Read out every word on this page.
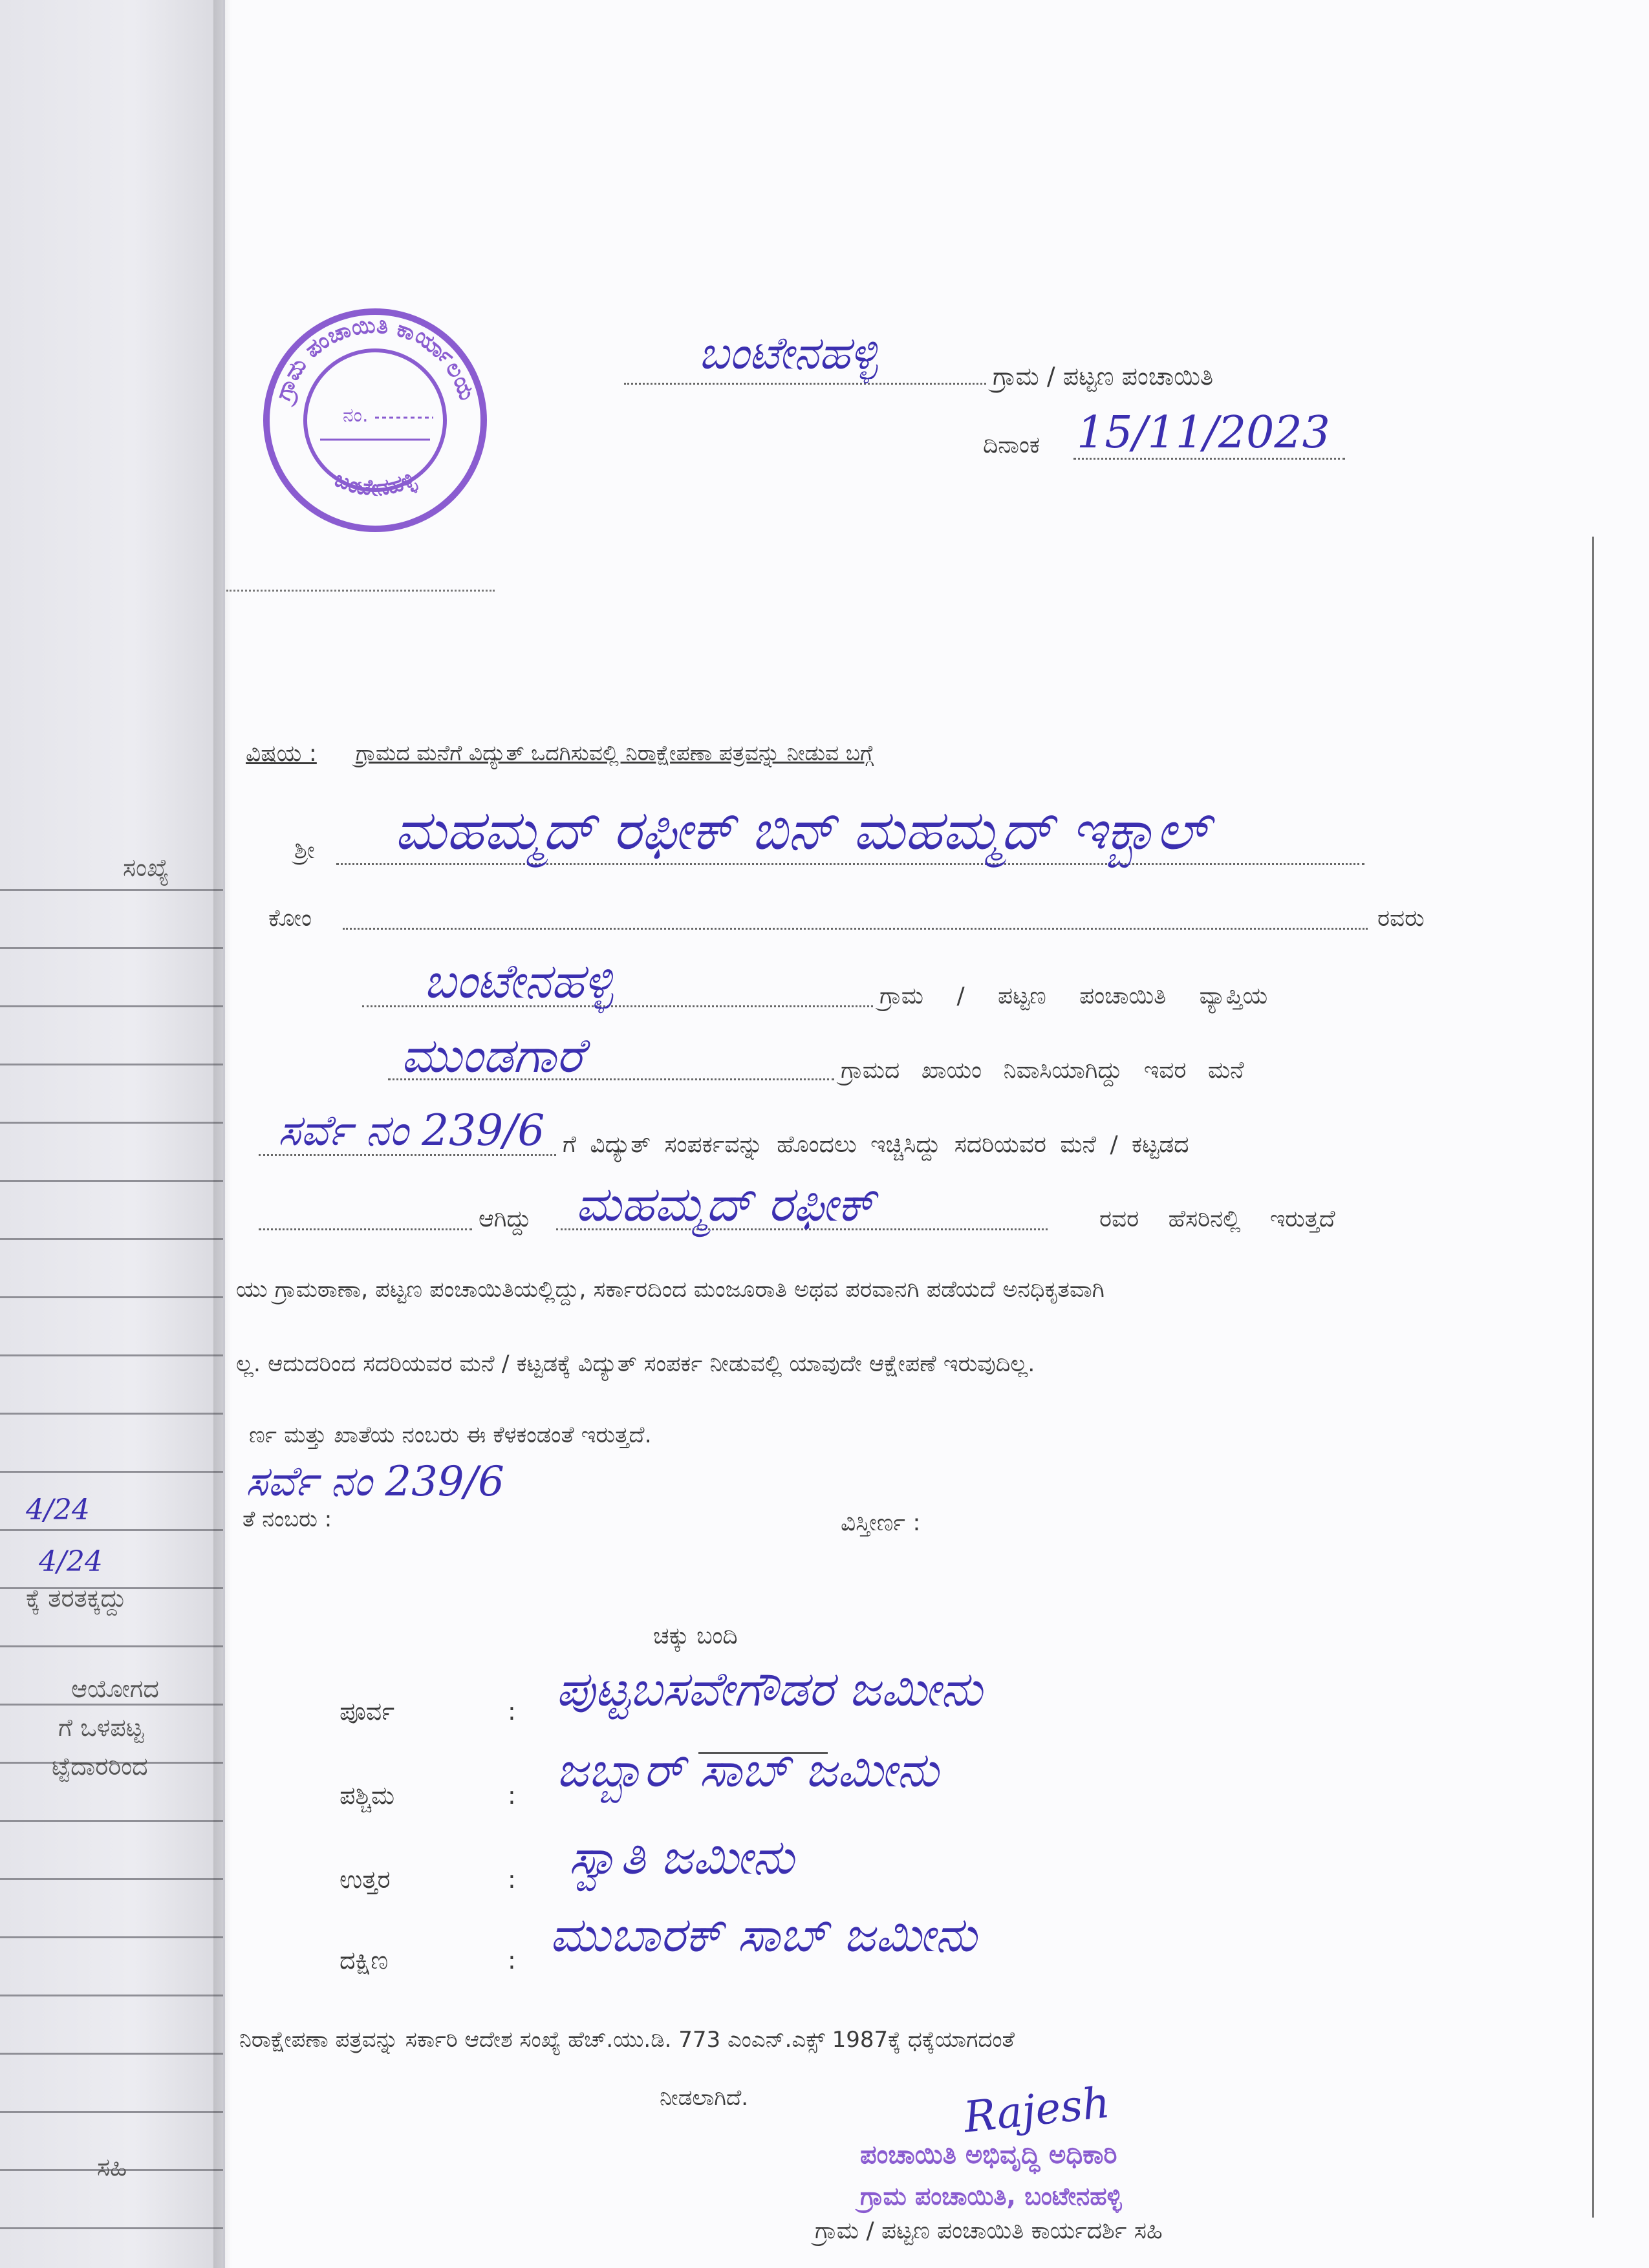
ಸಂಖ್ಯೆ
4/24
4/24
ಕ್ಕೆ ತರತಕ್ಕದ್ದು
ಆಯೋಗದ
ಗೆ ಒಳಪಟ್ಟ
ಟ್ಟೆದಾರರಿಂದ
ಸಹಿ
ಗ್ರಾಮ ಪಂಚಾಯಿತಿ ಕಾರ್ಯಾಲಯ
ಬಂಟೇನಹಳ್ಳಿ
ನಂ.
ಬಂಟೇನಹಳ್ಳಿ	ಗ್ರಾಮ / ಪಟ್ಟಣ ಪಂಚಾಯಿತಿ
ದಿನಾಂಕ 15/11/2023
ವಿಷಯ : ಗ್ರಾಮದ ಮನೆಗೆ ವಿದ್ಯುತ್ ಒದಗಿಸುವಲ್ಲಿ ನಿರಾಕ್ಷೇಪಣಾ ಪತ್ರವನ್ನು ನೀಡುವ ಬಗ್ಗೆ
ಶ್ರೀ ಮಹಮ್ಮದ್ ರಫೀಕ್ ಬಿನ್ ಮಹಮ್ಮದ್ ಇಕ್ಬಾಲ್
ಕೋಂ	ರವರು
ಬಂಟೇನಹಳ್ಳಿ	ಗ್ರಾಮ / ಪಟ್ಟಣ ಪಂಚಾಯಿತಿ ವ್ಯಾಪ್ತಿಯ
ಮುಂಡಗಾರೆ	ಗ್ರಾಮದ ಖಾಯಂ ನಿವಾಸಿಯಾಗಿದ್ದು ಇವರ ಮನೆ
ಸರ್ವೆ ನಂ 239/6 ಗೆ ವಿದ್ಯುತ್ ಸಂಪರ್ಕವನ್ನು ಹೊಂದಲು ಇಚ್ಚಿಸಿದ್ದು ಸದರಿಯವರ ಮನೆ / ಕಟ್ಟಡದ
ಆಗಿದ್ದು ಮಹಮ್ಮದ್ ರಫೀಕ್	ರವರ ಹೆಸರಿನಲ್ಲಿ ಇರುತ್ತದೆ
ಯು ಗ್ರಾಮಠಾಣಾ, ಪಟ್ಟಣ ಪಂಚಾಯಿತಿಯಲ್ಲಿದ್ದು, ಸರ್ಕಾರದಿಂದ ಮಂಜೂರಾತಿ ಅಥವ ಪರವಾನಗಿ ಪಡೆಯದೆ ಅನಧಿಕೃತವಾಗಿ
ಲ್ಲ. ಆದುದರಿಂದ ಸದರಿಯವರ ಮನೆ / ಕಟ್ಟಡಕ್ಕೆ ವಿದ್ಯುತ್ ಸಂಪರ್ಕ ನೀಡುವಲ್ಲಿ ಯಾವುದೇ ಆಕ್ಷೇಪಣೆ ಇರುವುದಿಲ್ಲ.
ರ್ಣ ಮತ್ತು ಖಾತೆಯ ನಂಬರು ಈ ಕೆಳಕಂಡಂತೆ ಇರುತ್ತದೆ.
ಸರ್ವೆ ನಂ 239/6
ತೆ ನಂಬರು :	ವಿಸ್ತೀರ್ಣ :
ಚಕ್ಕು ಬಂದಿ
ಪೂರ್ವ	: ಪುಟ್ಟಬಸವೇಗೌಡರ ಜಮೀನು
ಪಶ್ಚಿಮ	: ಜಬ್ಬಾರ್ ಸಾಬ್ ಜಮೀನು
ಉತ್ತರ	: ಸ್ವಾತಿ ಜಮೀನು
ದಕ್ಷಿಣ	: ಮುಬಾರಕ್ ಸಾಬ್ ಜಮೀನು
ನಿರಾಕ್ಷೇಪಣಾ ಪತ್ರವನ್ನು ಸರ್ಕಾರಿ ಆದೇಶ ಸಂಖ್ಯೆ ಹೆಚ್.ಯು.ಡಿ. 773 ಎಂಎನ್.ಎಕ್ಸ್ 1987ಕ್ಕೆ ಧಕ್ಕೆಯಾಗದಂತೆ
ನೀಡಲಾಗಿದೆ.	Rajesh
ಪಂಚಾಯಿತಿ ಅಭಿವೃದ್ಧಿ ಅಧಿಕಾರಿ
ಗ್ರಾಮ ಪಂಚಾಯಿತಿ, ಬಂಟೇನಹಳ್ಳಿ
ಗ್ರಾಮ / ಪಟ್ಟಣ ಪಂಚಾಯಿತಿ ಕಾರ್ಯದರ್ಶಿ ಸಹಿ
